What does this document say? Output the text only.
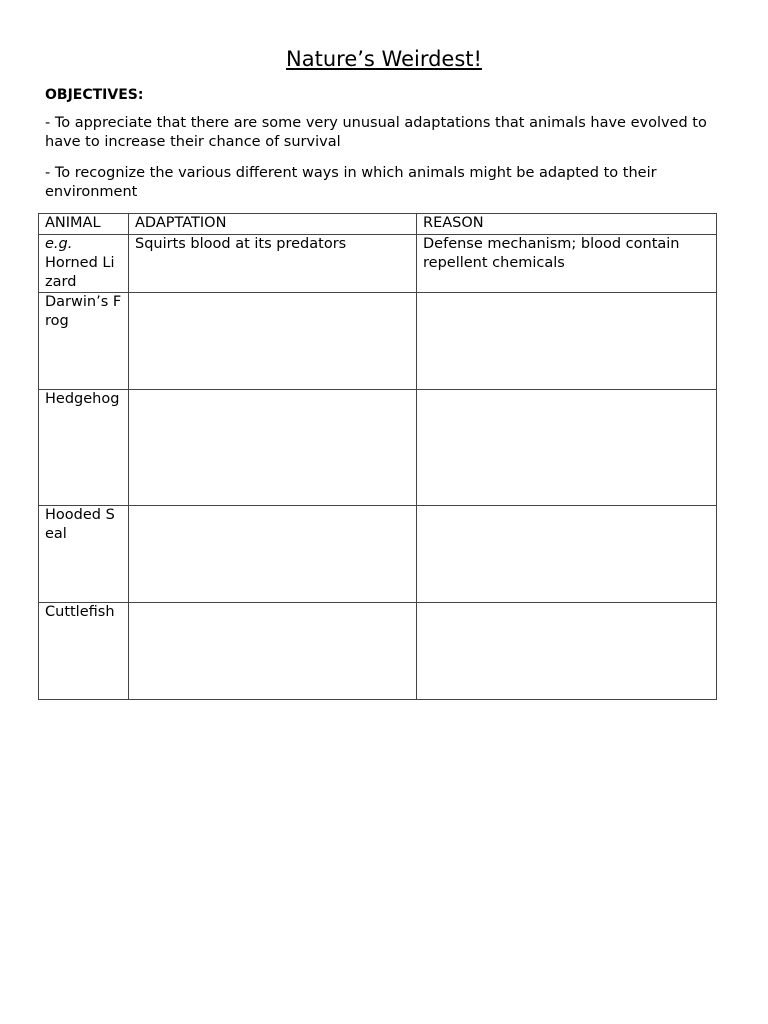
Nature’s Weirdest!
OBJECTIVES:
- To appreciate that there are some very unusual adaptations that animals have evolved to have to increase their chance of survival
- To recognize the various different ways in which animals might be adapted to their environment
ANIMAL	ADAPTATION	REASON

e.g.
Horned Lizard	Squirts blood at its predators	Defense mechanism; blood contain repellent chemicals
Darwin’s Frog		
Hedgehog		
Hooded Seal		
Cuttlefish		
